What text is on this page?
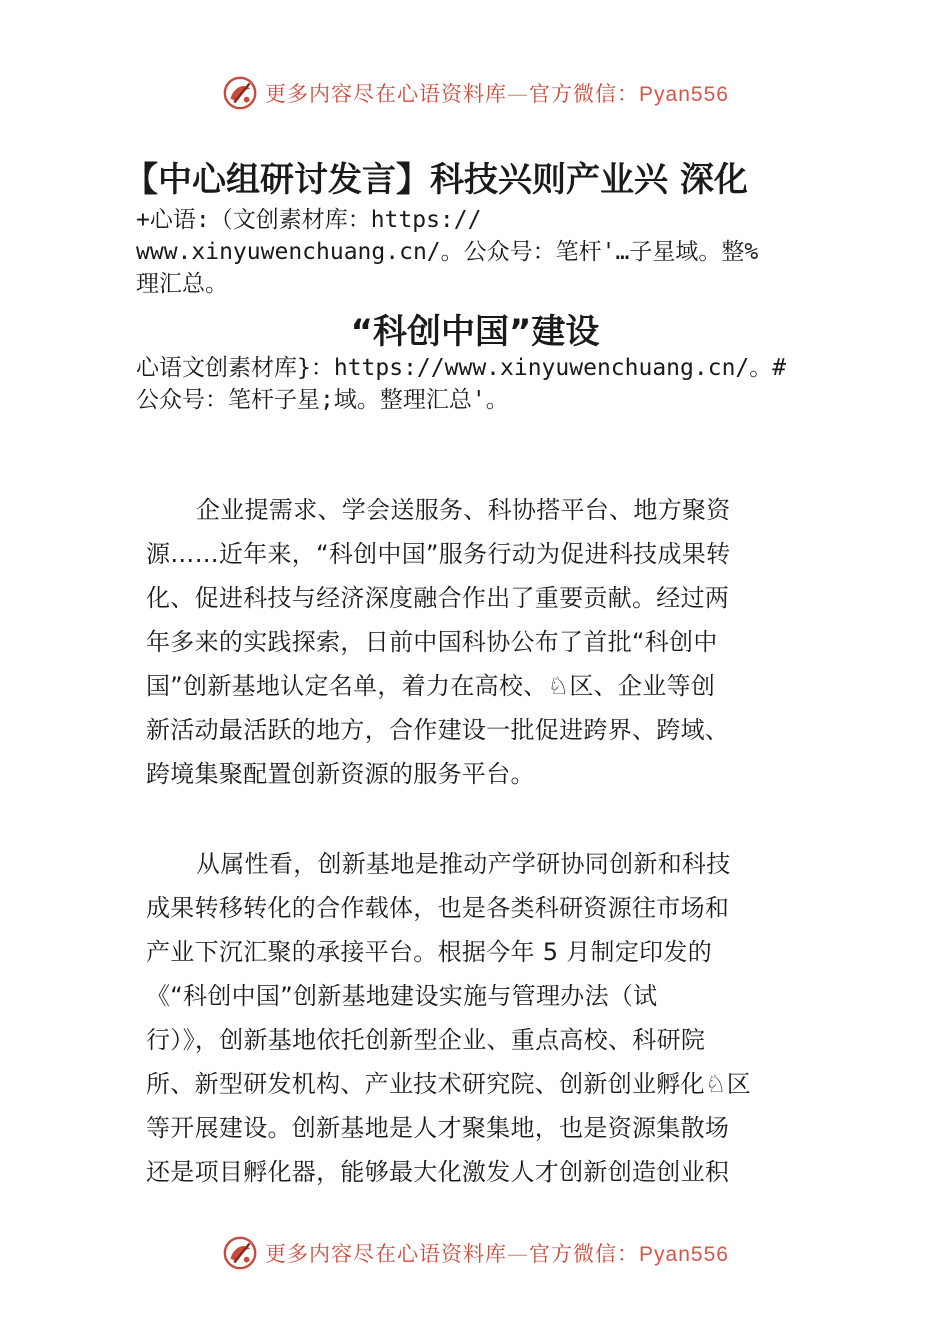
更多内容尽在心语资料库—官方微信：Pyan556
【中心组研讨发言】科技兴则产业兴 深化

+心语:（文创素材库：https://
www.xinyuwenchuang.cn/。公众号：笔杆'…子星域。整%
理汇总。

“科创中国”建设

心语文创素材库}：https://www.xinyuwenchuang.cn/。#
公众号：笔杆子星;域。整理汇总'。

企业提需求、学会送服务、科协搭平台、地方聚资
源……近年来，“科创中国”服务行动为促进科技成果转
化、促进科技与经济深度融合作出了重要贡献。经过两
年多来的实践探索，日前中国科协公布了首批“科创中
国”创新基地认定名单，着力在高校、♘区、企业等创
新活动最活跃的地方，合作建设一批促进跨界、跨域、
跨境集聚配置创新资源的服务平台。

从属性看，创新基地是推动产学研协同创新和科技
成果转移转化的合作载体，也是各类科研资源往市场和
产业下沉汇聚的承接平台。根据今年 5 月制定印发的
《“科创中国”创新基地建设实施与管理办法（试
行）》，创新基地依托创新型企业、重点高校、科研院
所、新型研发机构、产业技术研究院、创新创业孵化♘区
等开展建设。创新基地是人才聚集地，也是资源集散场
还是项目孵化器，能够最大化激发人才创新创造创业积

更多内容尽在心语资料库—官方微信：Pyan556
